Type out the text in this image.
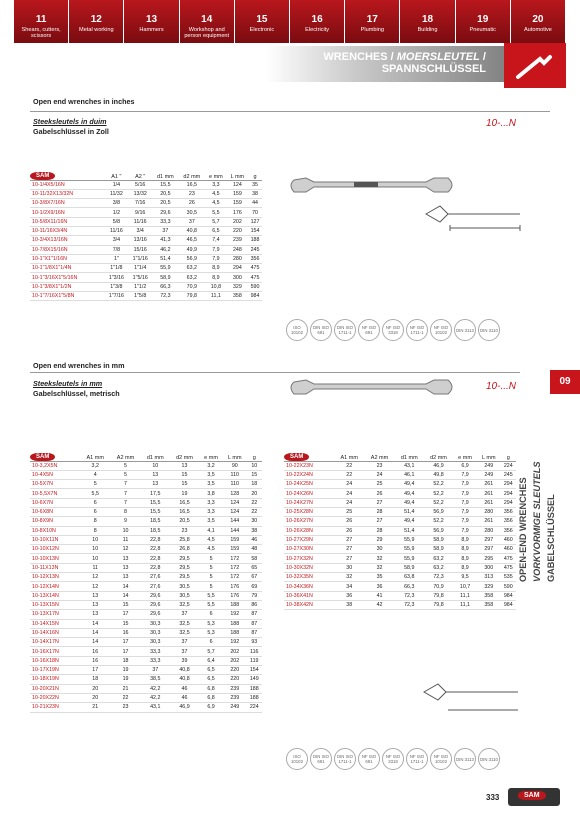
11
Shears, cutters, scissors
12
Metal working
13
Hammers
14
Workshop and person equipment
15
Electronic
16
Electricity
17
Plumbing
18
Building
19
Pneumatic
20
Automotive
WRENCHES / MOERSLEUTEL /
SPANNSCHLÜSSEL
Open end wrenches in inches
Steeksleutels in duim
Gabelschlüssel in Zoll
10-...N
SAM	A1 "	A2 "	d1 mm	d2 mm	e mm	L mm	g
10-1/4X5/16N	1/4	5/16	15,5	16,5	3,3	124	35
10-11/32X13/32N	11/32	13/32	20,5	23	4,5	159	38
10-3/8X7/16N	3/8	7/16	20,5	26	4,5	159	44
10-1/2X9/16N	1/2	9/16	29,6	30,5	5,5	176	70
10-5/8X11/16N	5/8	11/16	33,3	37	5,7	202	127
10-11/16X3/4N	11/16	3/4	37	40,8	6,5	220	154
10-3/4X13/16N	3/4	13/16	41,3	46,5	7,4	239	188
10-7/8X15/16N	7/8	15/16	46,2	49,9	7,9	248	245
10-1"X1"1/16N	1"	1"1/16	51,4	56,9	7,9	280	356
10-1"1/8X1"1/4N	1"1/8	1"1/4	55,9	63,2	8,9	294	475
10-1"3/16X1"5/16N	1"3/16	1"5/16	58,9	63,2	8,9	300	475
10-1"3/8X1"1/2N	1"3/8	1"1/2	66,3	70,9	10,8	329	590
10-1"7/16X1"5/8N	1"7/16	1"5/8	72,3	79,8	11,1	358	984
ISO 10102
DIN ISO 691
DIN ISO 1711-1
NF ISO 691
NF ISO 3318
NF ISO 1711-1
NF ISO 10102	DIN 3113	DIN 3110
Open end wrenches in mm
Steeksleutels in mm
Gabelschlüssel, metrisch
10-...N	09
OPEN-END WRENCHES VORKVORMIGE SLEUTELS GABELSCHLÜSSEL
SAM	A1 mm	A2 mm	d1 mm	d2 mm	e mm	L mm	g
10-3,2X5N	3,2	5	10	13	3,2	90	10
10-4X5N	4	5	13	15	3,5	110	15
10-5X7N	5	7	13	15	3,5	110	18
10-5,5X7N	5,5	7	17,5	19	3,8	128	20
10-6X7N	6	7	15,5	16,5	3,3	124	22
10-6X8N	6	8	15,5	16,5	3,3	124	22
10-8X9N	8	9	18,5	20,5	3,5	144	30
10-8X10N	8	10	18,5	23	4,1	144	38
10-10X11N	10	11	22,8	25,8	4,5	159	46
10-10X12N	10	12	22,8	26,8	4,5	159	48
10-10X13N	10	13	22,8	29,5	5	172	58
10-11X13N	11	13	22,8	29,5	5	172	65
10-12X13N	12	13	27,6	29,5	5	172	67
10-12X14N	12	14	27,6	30,5	5	176	69
10-13X14N	13	14	29,6	30,5	5,5	176	79
10-13X15N	13	15	29,6	32,5	5,5	188	86
10-13X17N	13	17	29,6	37	6	192	87
10-14X15N	14	15	30,3	32,5	5,3	188	87
10-14X16N	14	16	30,3	32,5	5,3	188	87
10-14X17N	14	17	30,3	37	6	192	93
10-16X17N	16	17	33,3	37	5,7	202	116
10-16X18N	16	18	33,3	39	6,4	202	119
10-17X19N	17	19	37	40,8	6,5	220	154
10-18X19N	18	19	38,5	40,8	6,5	220	149
10-20X21N	20	21	42,2	46	6,8	239	188
10-20X22N	20	22	42,2	46	6,8	239	188
10-21X23N	21	23	43,1	46,9	6,9	249	224
SAM	A1 mm	A2 mm	d1 mm	d2 mm	e mm	L mm	g
10-22X23N	22	23	43,1	46,9	6,9	249	224
10-22X24N	22	24	46,1	49,8	7,9	249	245
10-24X25N	24	25	49,4	52,2	7,9	261	294
10-24X26N	24	26	49,4	52,2	7,9	261	294
10-24X27N	24	27	49,4	52,2	7,9	261	294
10-25X28N	25	28	51,4	56,9	7,9	280	356
10-26X27N	26	27	49,4	52,2	7,9	261	356
10-26X28N	26	28	51,4	56,9	7,9	280	356
10-27X29N	27	29	55,9	58,9	8,9	297	460
10-27X30N	27	30	55,9	58,9	8,9	297	460
10-27X32N	27	32	55,9	63,2	8,9	295	475
10-30X32N	30	32	58,9	63,2	8,9	300	475
10-32X35N	32	35	63,8	72,3	9,5	313	535
10-34X36N	34	36	66,3	70,9	10,7	329	590
10-36X41N	36	41	72,3	79,8	11,1	358	984
10-38X42N	38	42	72,3	79,8	11,1	358	984
ISO 10102
DIN ISO 691
DIN ISO 1711-1
NF ISO 691
NF ISO 3318
NF ISO 1711-1
NF ISO 10102	DIN 3113	DIN 3110
333	SAM
